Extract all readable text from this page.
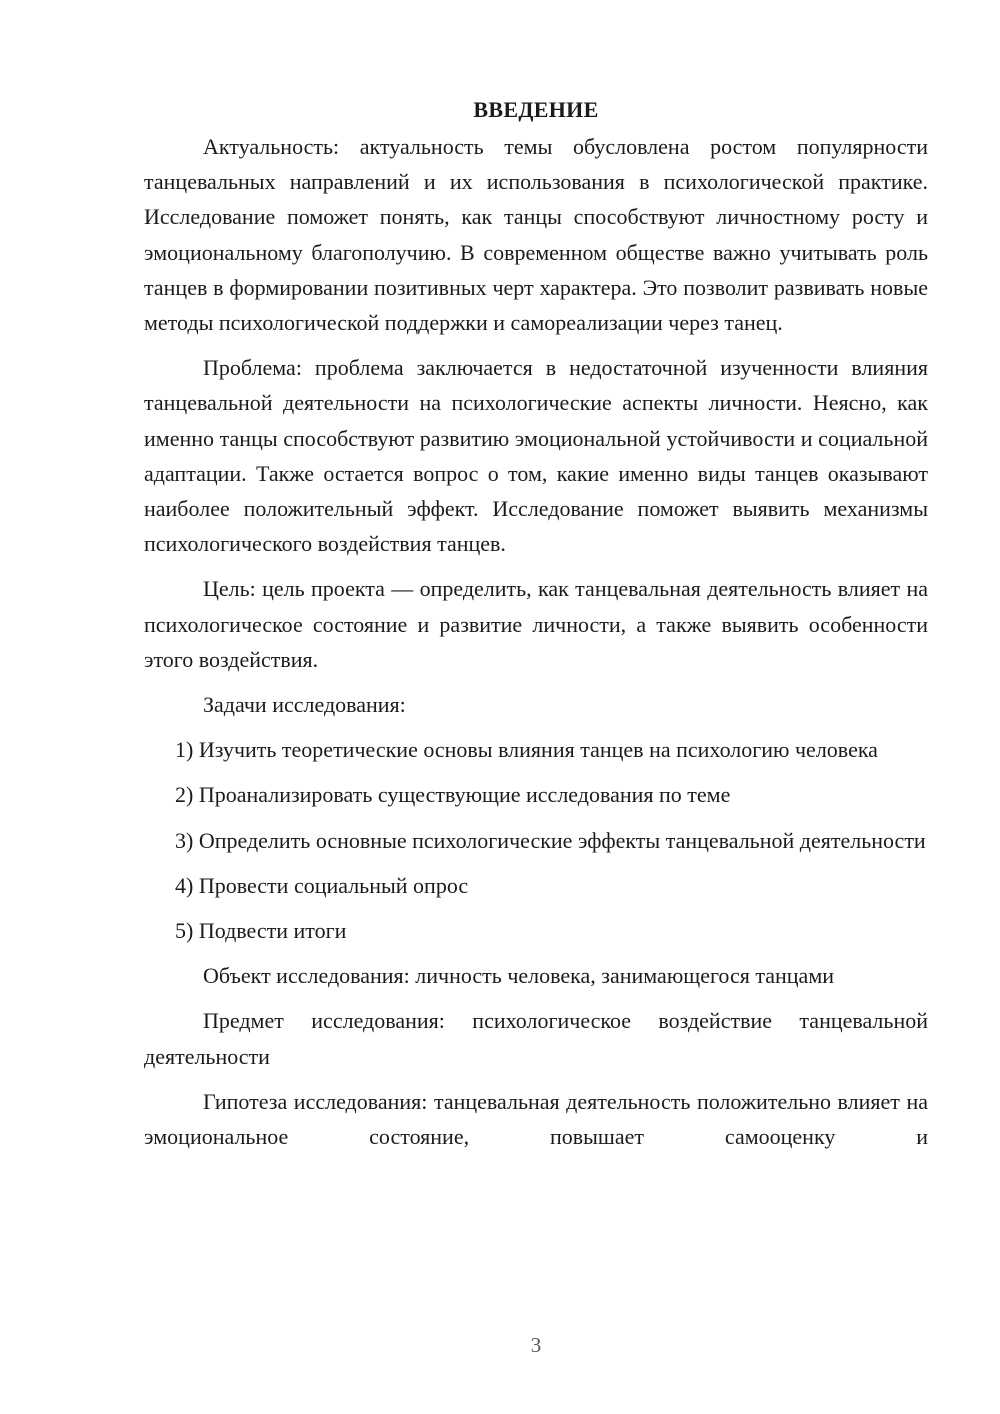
ВВЕДЕНИЕ

Актуальность: актуальность темы обусловлена ростом популярности танцевальных направлений и их использования в психологической практике. Исследование поможет понять, как танцы способствуют личностному росту и эмоциональному благополучию. В современном обществе важно учитывать роль танцев в формировании позитивных черт характера. Это позволит развивать новые методы психологической поддержки и самореализации через танец.

Проблема: проблема заключается в недостаточной изученности влияния танцевальной деятельности на психологические аспекты личности. Неясно, как именно танцы способствуют развитию эмоциональной устойчивости и социальной адаптации. Также остается вопрос о том, какие именно виды танцев оказывают наиболее положительный эффект. Исследование поможет выявить механизмы психологического воздействия танцев.

Цель: цель проекта — определить, как танцевальная деятельность влияет на психологическое состояние и развитие личности, а также выявить особенности этого воздействия.

Задачи исследования:

1) Изучить теоретические основы влияния танцев на психологию человека

2) Проанализировать существующие исследования по теме

3) Определить основные психологические эффекты танцевальной деятельности

4) Провести социальный опрос

5) Подвести итоги

Объект исследования: личность человека, занимающегося танцами

Предмет исследования: психологическое воздействие танцевальной деятельности

Гипотеза исследования: танцевальная деятельность положительно влияет на эмоциональное состояние, повышает самооценку и

3
